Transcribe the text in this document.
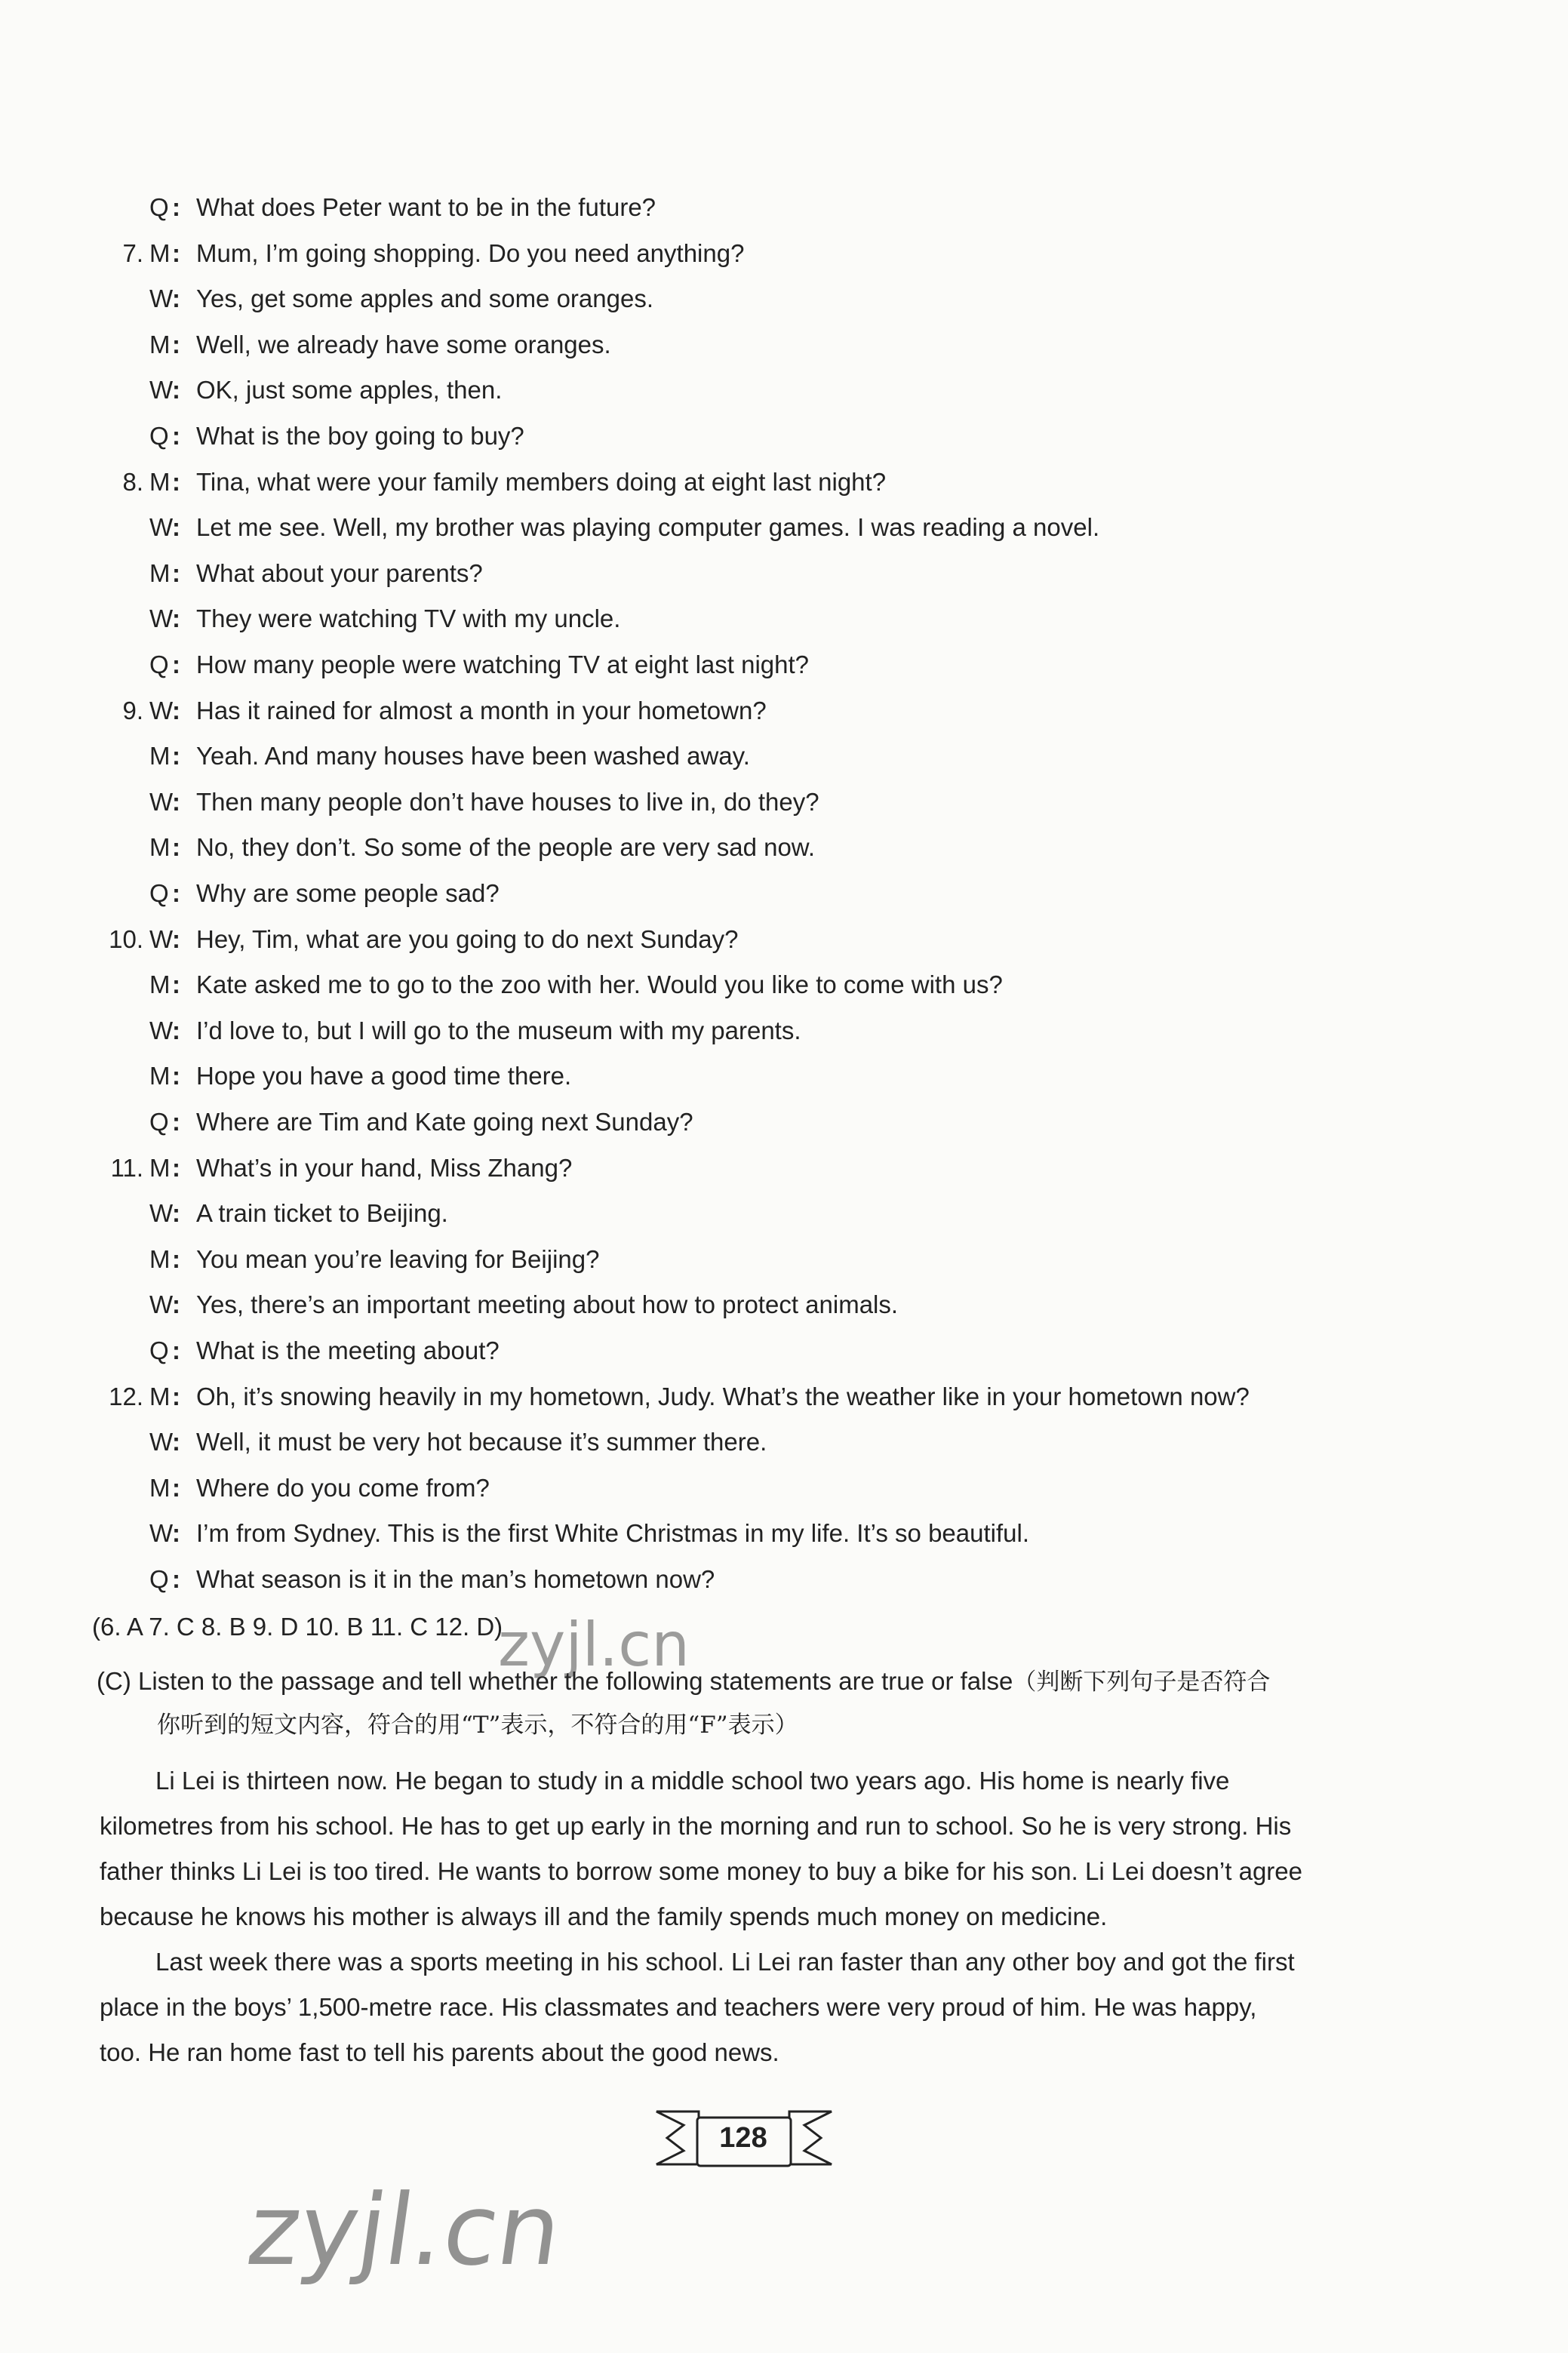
Q : What does Peter want to be in the future?
7. M : Mum, I’m going shopping. Do you need anything?
W
: Yes, get some apples and some oranges.
M : Well, we already have some oranges.
W
: OK, just some apples, then.
Q : What is the boy going to buy?
8. M : Tina, what were your family members doing at eight last night?
W
: Let me see. Well, my brother was playing computer games. I was reading a novel.
M : What about your parents?
W
: They were watching TV with my uncle.
Q : How many people were watching TV at eight last night?
9. W
: Has it rained for almost a month in your hometown?
M : Yeah. And many houses have been washed away.
W
: Then many people don’t have houses to live in, do they?
M : No, they don’t. So some of the people are very sad now.
Q : Why are some people sad?
10. W
: Hey, Tim, what are you going to do next Sunday?
M : Kate asked me to go to the zoo with her. Would you like to come with us?
W
: I’d love to, but I will go to the museum with my parents.
M : Hope you have a good time there.
Q : Where are Tim and Kate going next Sunday?
11. M : What’s in your hand, Miss Zhang?
W
: A train ticket to Beijing.
M : You mean you’re leaving for Beijing?
W
: Yes, there’s an important meeting about how to protect animals.
Q : What is the meeting about?
12. M : Oh, it’s snowing heavily in my hometown, Judy. What’s the weather like in your hometown now?
W
: Well, it must be very hot because it’s summer there.
M : Where do you come from?
W
: I’m from Sydney. This is the first White Christmas in my life. It’s so beautiful.
Q : What season is it in the man’s hometown now?
(6. A 7. C 8. B 9. D 10. B 11. C 12. D)
(C) Listen to the passage and tell whether the following statements are true or false（判断下列句子是否符合
你听到的短文内容，符合的用“T”表示，不符合的用“F”表示）
Li Lei is thirteen now. He began to study in a middle school two years ago. His home is nearly five
kilometres from his school. He has to get up early in the morning and run to school. So he is very strong. His
father thinks Li Lei is too tired. He wants to borrow some money to buy a bike for his son. Li Lei doesn’t agree
because he knows his mother is always ill and the family spends much money on medicine.
Last week there was a sports meeting in his school. Li Lei ran faster than any other boy and got the first
place in the boys’ 1,500-metre race. His classmates and teachers were very proud of him. He was happy,
too. He ran home fast to tell his parents about the good news.
128
zyjl.cn
zyjl.cn
